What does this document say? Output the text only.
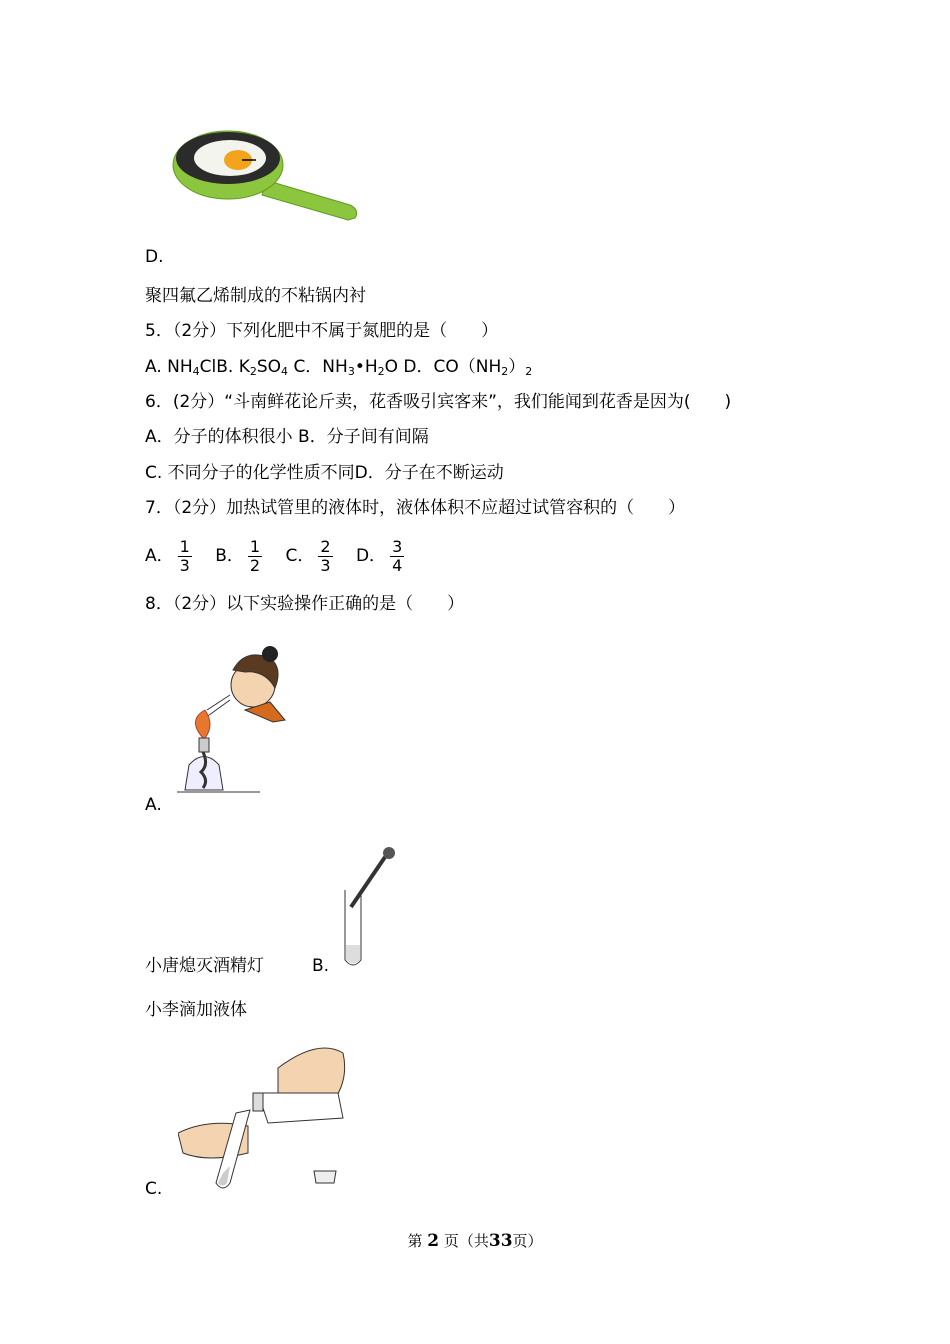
D.
聚四氟乙烯制成的不粘锅内衬
5．（2分）下列化肥中不属于氮肥的是（　　）
A. $NH_4ClB$. $K_2SO_4$ C．$NH_3•H_2O$ D．$CO(NH_2)_2$
6．(2分）“斗南鲜花论斤卖，花香吸引宾客来”，我们能闻到花香是因为(　　)
A．分子的体积很小 B．分子间有间隔
C. 不同分子的化学性质不同D．分子在不断运动
7．（2分）加热试管里的液体时，液体体积不应超过试管容积的（　　）
A． $\frac{1}{3}$ B． $\frac{1}{2}$ C． $\frac{2}{3}$ D． $\frac{3}{4}$
8．（2分）以下实验操作正确的是（　　）
A.
小唐熄灭酒精灯	B.
小李滴加液体
C.
第 2 页（共33页）
